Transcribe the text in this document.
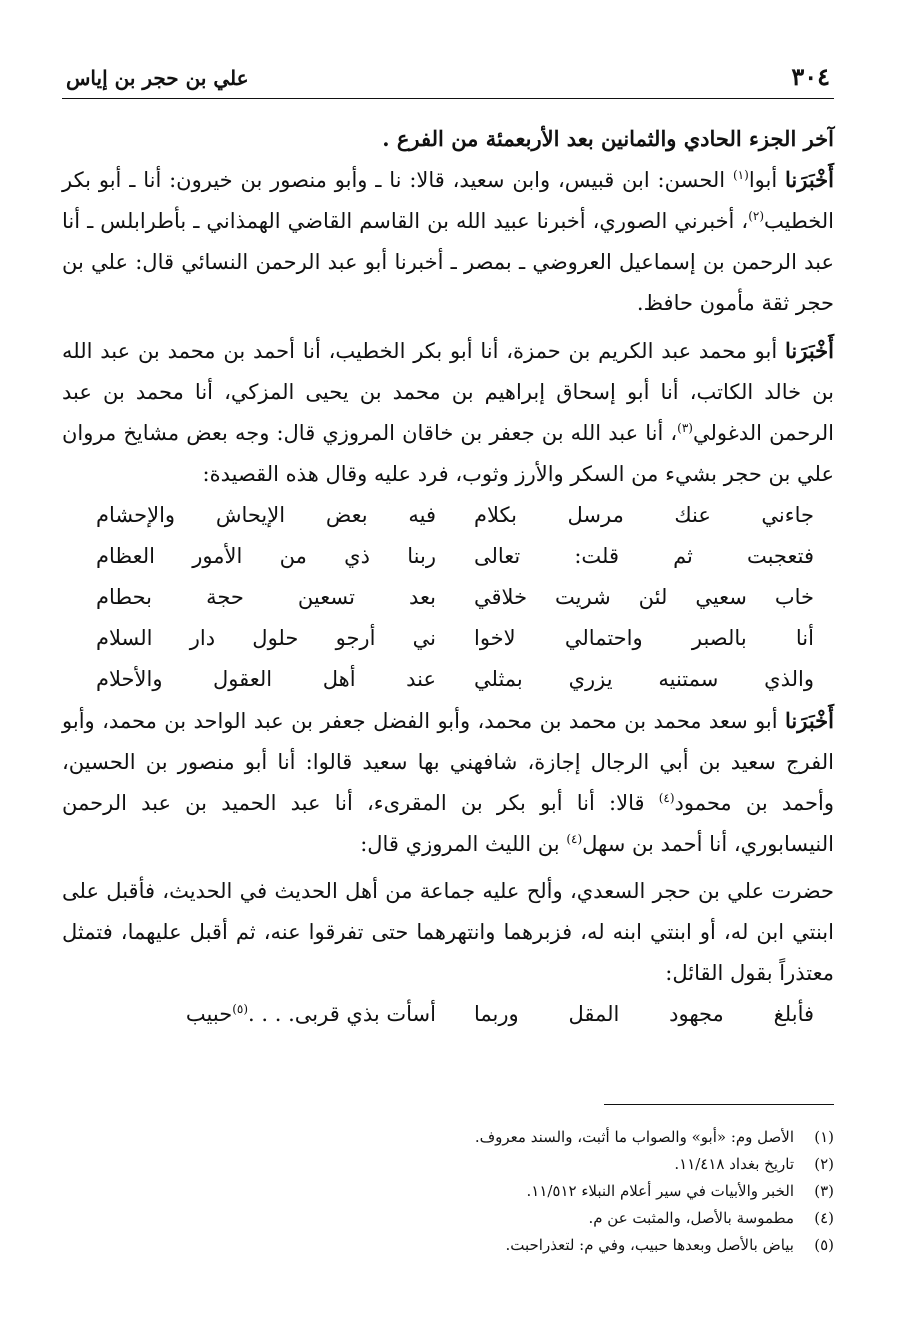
٣٠٤
علي بن حجر بن إياس

آخر الجزء الحادي والثمانين بعد الأربعمئة من الفرع .

أَخْبَرَنا أبوا$^{(١)}$ الحسن: ابن قبيس، وابن سعيد، قالا: نا ـ وأبو منصور بن خيرون: أنا ـ أبو بكر الخطيب$^{(٢)}$، أخبرني الصوري، أخبرنا عبيد الله بن القاسم القاضي الهمذاني ـ بأطرابلس ـ أنا عبد الرحمن بن إسماعيل العروضي ـ بمصر ـ أخبرنا أبو عبد الرحمن النسائي قال: علي بن حجر ثقة مأمون حافظ.

أَخْبَرَنا أبو محمد عبد الكريم بن حمزة، أنا أبو بكر الخطيب، أنا أحمد بن محمد بن عبد الله بن خالد الكاتب، أنا أبو إسحاق إبراهيم بن محمد بن يحيى المزكي، أنا محمد بن عبد الرحمن الدغولي$^{(٣)}$، أنا عبد الله بن جعفر بن خاقان المروزي قال: وجه بعض مشايخ مروان علي بن حجر بشيء من السكر والأرز وثوب، فرد عليه وقال هذه القصيدة:

جاءني عنك مرسل بكلام
فيه بعض الإيحاش والإحشام
فتعجبت ثم قلت: تعالى
ربنا ذي من الأمور العظام
خاب سعيي لئن شريت خلاقي
بعد تسعين حجة بحطام
أنا بالصبر واحتمالي لاخوا
ني أرجو حلول دار السلام
والذي سمتنيه يزري بمثلي
عند أهل العقول والأحلام

أَخْبَرَنا أبو سعد محمد بن محمد بن محمد، وأبو الفضل جعفر بن عبد الواحد بن محمد، وأبو الفرج سعيد بن أبي الرجال إجازة، شافهني بها سعيد قالوا: أنا أبو منصور بن الحسين، وأحمد بن محمود$^{(٤)}$ قالا: أنا أبو بكر بن المقرىء، أنا عبد الحميد بن عبد الرحمن النيسابوري، أنا أحمد بن سهل$^{(٤)}$ بن الليث المروزي قال:

حضرت علي بن حجر السعدي، وألح عليه جماعة من أهل الحديث في الحديث، فأقبل على ابنتي ابن له، أو ابنتي ابنه له، فزبرهما وانتهرهما حتى تفرقوا عنه، ثم أقبل عليهما، فتمثل معتذراً بقول القائل:

فأبلغ مجهود المقل وربما
أسأت بذي قربى. . . .$^{(٥)}$حبيب
(١)
الأصل وم: «أبو» والصواب ما أثبت، والسند معروف.
(٢)
تاريخ بغداد ١١/٤١٨.
(٣)
الخبر والأبيات في سير أعلام النبلاء ١١/٥١٢.
(٤)
مطموسة بالأصل، والمثبت عن م.
(٥)
بياض بالأصل وبعدها حبيب، وفي م: لتعذراحبت.
